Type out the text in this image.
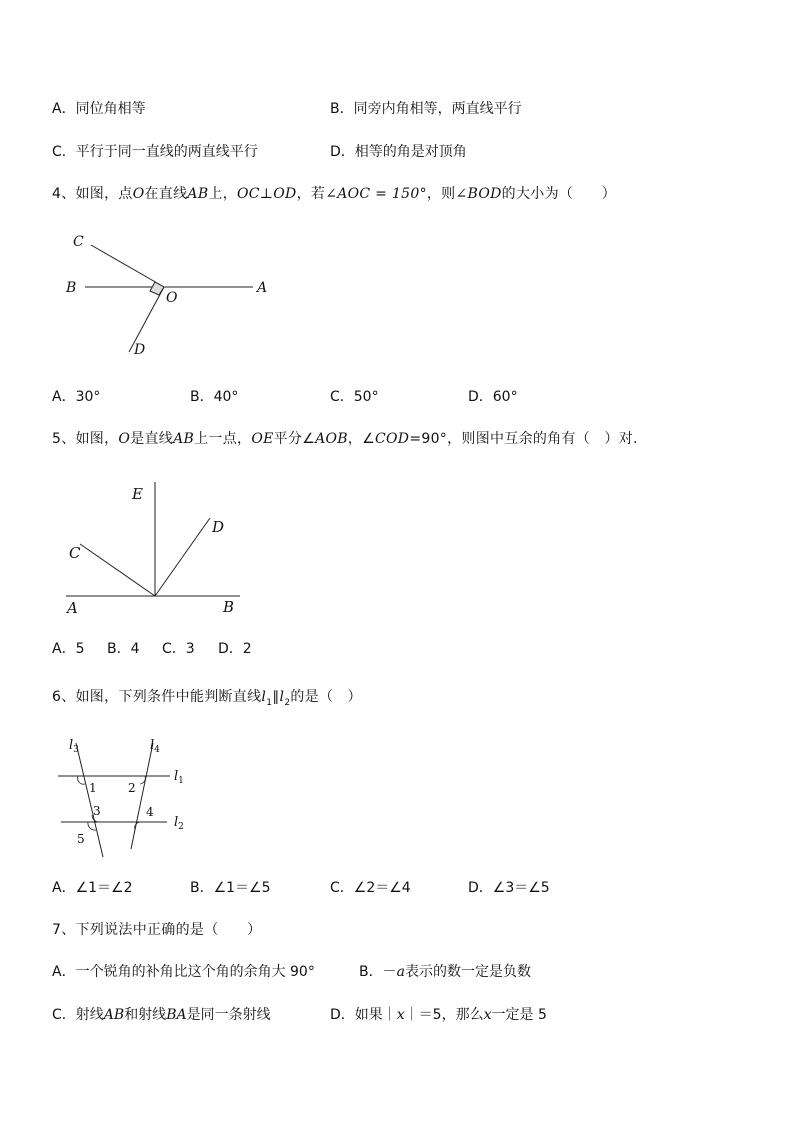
A．同位角相等	B．同旁内角相等，两直线平行
C．平行于同一直线的两直线平行	D．相等的角是对顶角
4、如图，点O在直线AB上，OC⊥OD，若∠AOC = 150°，则∠BOD的大小为（　　）
C
B
O
A
D
A．30°	B．40°	C．50°	D．60°
5、如图，O是直线AB上一点，OE平分∠AOB，∠COD=90°，则图中互余的角有（　）对.
E
D
C
A	B
A．5 B．4 C．3 D．2
6、如图，下列条件中能判断直线$l_1\parallel l_2$的是（　）
$l_3$	$l_4$
$l_1$
$l_2$
1	2
3	4
5
A．∠1＝∠2	B．∠1＝∠5	C．∠2＝∠4	D．∠3＝∠5
7、下列说法中正确的是（　　）
A．一个锐角的补角比这个角的余角大 90°	B．－a表示的数一定是负数
C．射线AB和射线BA是同一条射线	D．如果｜x｜＝5，那么x一定是 5
